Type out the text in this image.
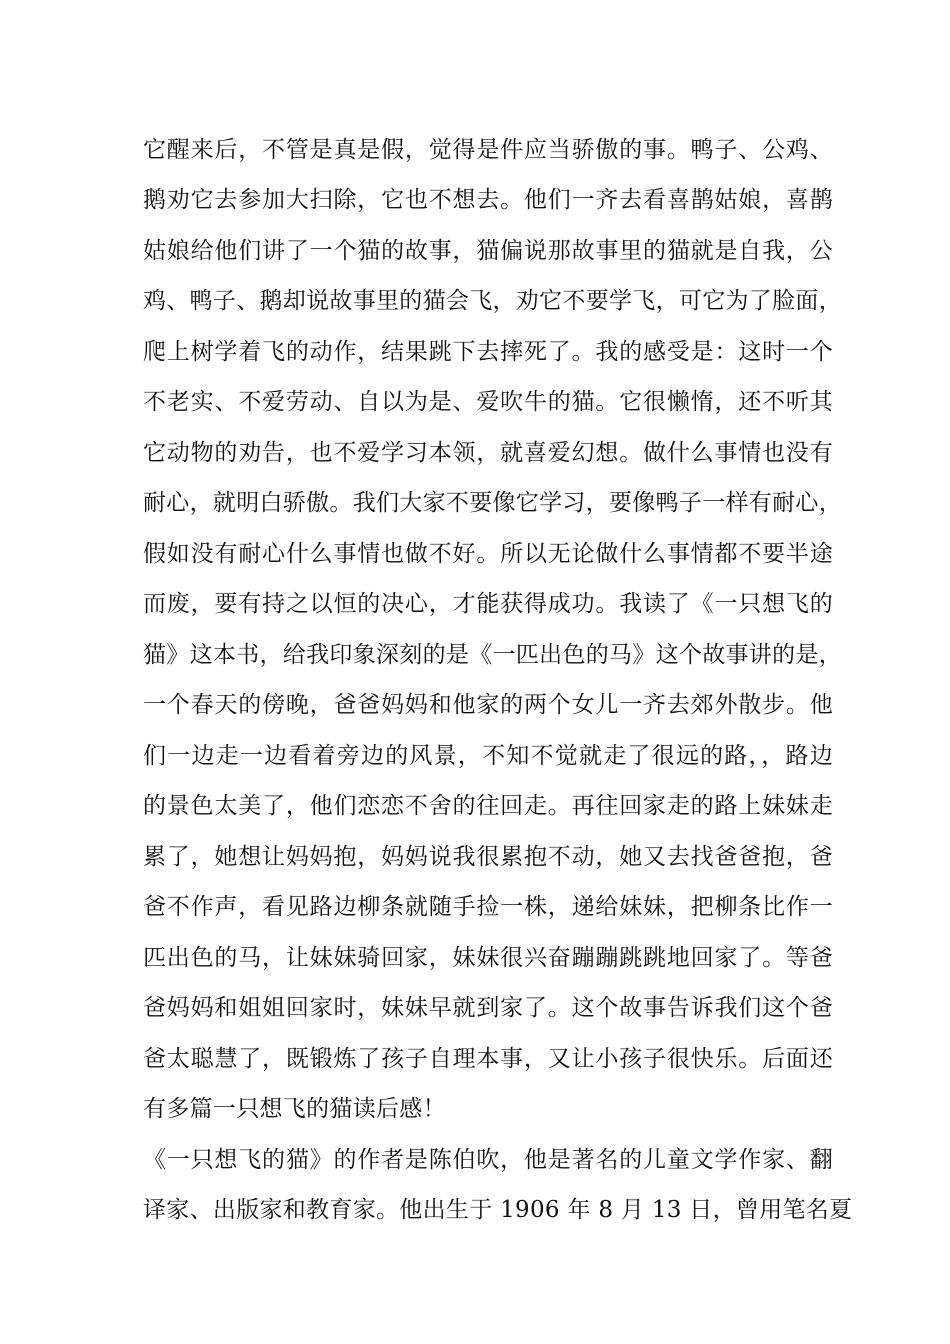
它醒来后，不管是真是假，觉得是件应当骄傲的事。鸭子、公鸡、
鹅劝它去参加大扫除，它也不想去。他们一齐去看喜鹊姑娘，喜鹊
姑娘给他们讲了一个猫的故事，猫偏说那故事里的猫就是自我，公
鸡、鸭子、鹅却说故事里的猫会飞，劝它不要学飞，可它为了脸面，
爬上树学着飞的动作，结果跳下去摔死了。我的感受是：这时一个
不老实、不爱劳动、自以为是、爱吹牛的猫。它很懒惰，还不听其
它动物的劝告，也不爱学习本领，就喜爱幻想。做什么事情也没有
耐心，就明白骄傲。我们大家不要像它学习，要像鸭子一样有耐心，
假如没有耐心什么事情也做不好。所以无论做什么事情都不要半途
而废，要有持之以恒的决心，才能获得成功。我读了《一只想飞的
猫》这本书，给我印象深刻的是《一匹出色的马》这个故事讲的是，
一个春天的傍晚，爸爸妈妈和他家的两个女儿一齐去郊外散步。他
们一边走一边看着旁边的风景，不知不觉就走了很远的路，，路边
的景色太美了，他们恋恋不舍的往回走。再往回家走的路上妹妹走
累了，她想让妈妈抱，妈妈说我很累抱不动，她又去找爸爸抱，爸
爸不作声，看见路边柳条就随手捡一株，递给妹妹，把柳条比作一
匹出色的马，让妹妹骑回家，妹妹很兴奋蹦蹦跳跳地回家了。等爸
爸妈妈和姐姐回家时，妹妹早就到家了。这个故事告诉我们这个爸
爸太聪慧了，既锻炼了孩子自理本事，又让小孩子很快乐。后面还
有多篇一只想飞的猫读后感！
《一只想飞的猫》的作者是陈伯吹，他是著名的儿童文学作家、翻
译家、出版家和教育家。他出生于 1906 年 8 月 13 日，曾用笔名夏
